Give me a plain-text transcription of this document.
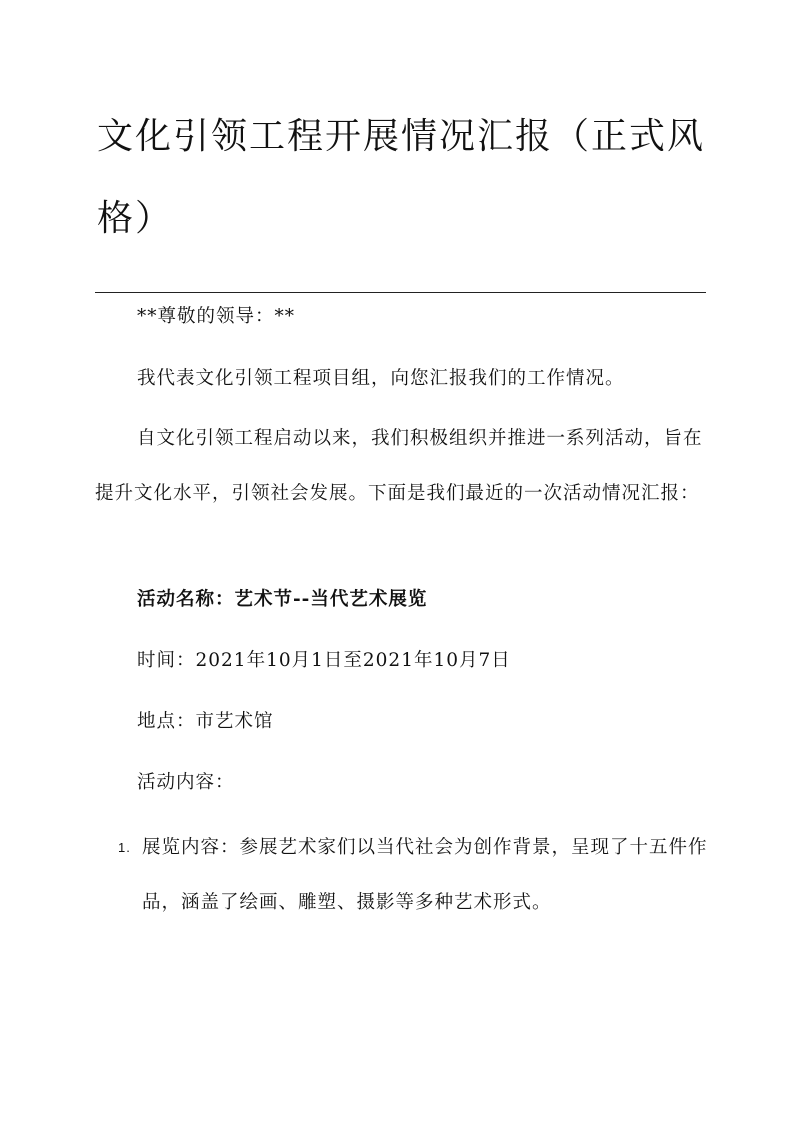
文化引领工程开展情况汇报（正式风格）

**尊敬的领导：**

我代表文化引领工程项目组，向您汇报我们的工作情况。

自文化引领工程启动以来，我们积极组织并推进一系列活动，旨在提升文化水平，引领社会发展。下面是我们最近的一次活动情况汇报：

活动名称：艺术节--当代艺术展览

时间：2021年10月1日至2021年10月7日

地点：市艺术馆

活动内容：

1. 展览内容：参展艺术家们以当代社会为创作背景，呈现了十五件作品，涵盖了绘画、雕塑、摄影等多种艺术形式。
